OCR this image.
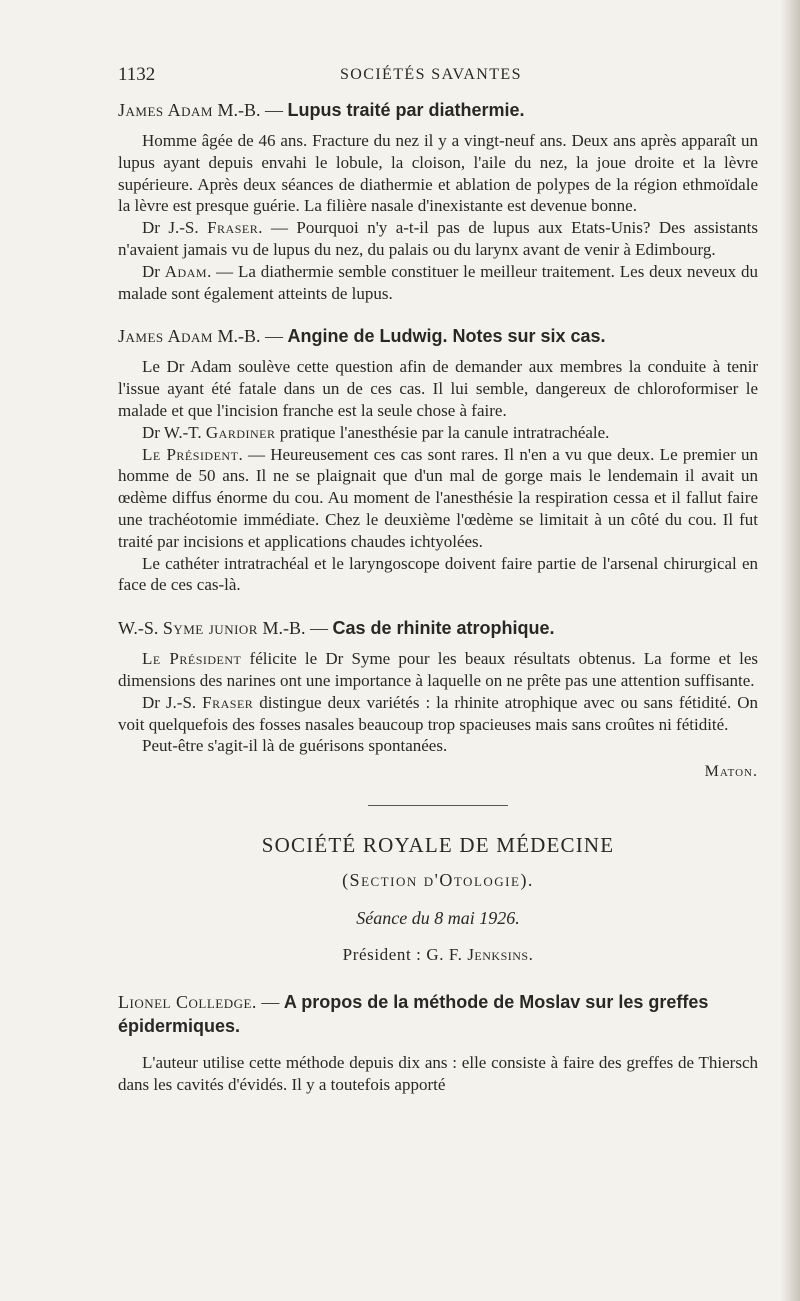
1132	SOCIÉTÉS SAVANTES

James Adam M.-B. — Lupus traité par diathermie.

Homme âgée de 46 ans. Fracture du nez il y a vingt-neuf ans. Deux ans après apparaît un lupus ayant depuis envahi le lobule, la cloison, l'aile du nez, la joue droite et la lèvre supérieure. Après deux séances de diathermie et ablation de polypes de la région ethmoïdale la lèvre est presque guérie. La filière nasale d'inexistante est devenue bonne.

Dr J.-S. Fraser. — Pourquoi n'y a-t-il pas de lupus aux Etats-Unis? Des assistants n'avaient jamais vu de lupus du nez, du palais ou du larynx avant de venir à Edimbourg.

Dr Adam. — La diathermie semble constituer le meilleur traitement. Les deux neveux du malade sont également atteints de lupus.

James Adam M.-B. — Angine de Ludwig. Notes sur six cas.

Le Dr Adam soulève cette question afin de demander aux membres la conduite à tenir l'issue ayant été fatale dans un de ces cas. Il lui semble, dangereux de chloroformiser le malade et que l'incision franche est la seule chose à faire.

Dr W.-T. Gardiner pratique l'anesthésie par la canule intratrachéale.

Le Président. — Heureusement ces cas sont rares. Il n'en a vu que deux. Le premier un homme de 50 ans. Il ne se plaignait que d'un mal de gorge mais le lendemain il avait un œdème diffus énorme du cou. Au moment de l'anesthésie la respiration cessa et il fallut faire une trachéotomie immédiate. Chez le deuxième l'œdème se limitait à un côté du cou. Il fut traité par incisions et applications chaudes ichtyolées.

Le cathéter intratrachéal et le laryngoscope doivent faire partie de l'arsenal chirurgical en face de ces cas-là.

W.-S. Syme junior M.-B. — Cas de rhinite atrophique.

Le Président félicite le Dr Syme pour les beaux résultats obtenus. La forme et les dimensions des narines ont une importance à laquelle on ne prête pas une attention suffisante.

Dr J.-S. Fraser distingue deux variétés : la rhinite atrophique avec ou sans fétidité. On voit quelquefois des fosses nasales beaucoup trop spacieuses mais sans croûtes ni fétidité.

Peut-être s'agit-il là de guérisons spontanées.

Maton.

SOCIÉTÉ ROYALE DE MÉDECINE

(Section d'Otologie).

Séance du 8 mai 1926.

Président : G. F. Jenksins.

Lionel Colledge. — A propos de la méthode de Moslav sur les greffes épidermiques.

L'auteur utilise cette méthode depuis dix ans : elle consiste à faire des greffes de Thiersch dans les cavités d'évidés. Il y a toutefois apporté
